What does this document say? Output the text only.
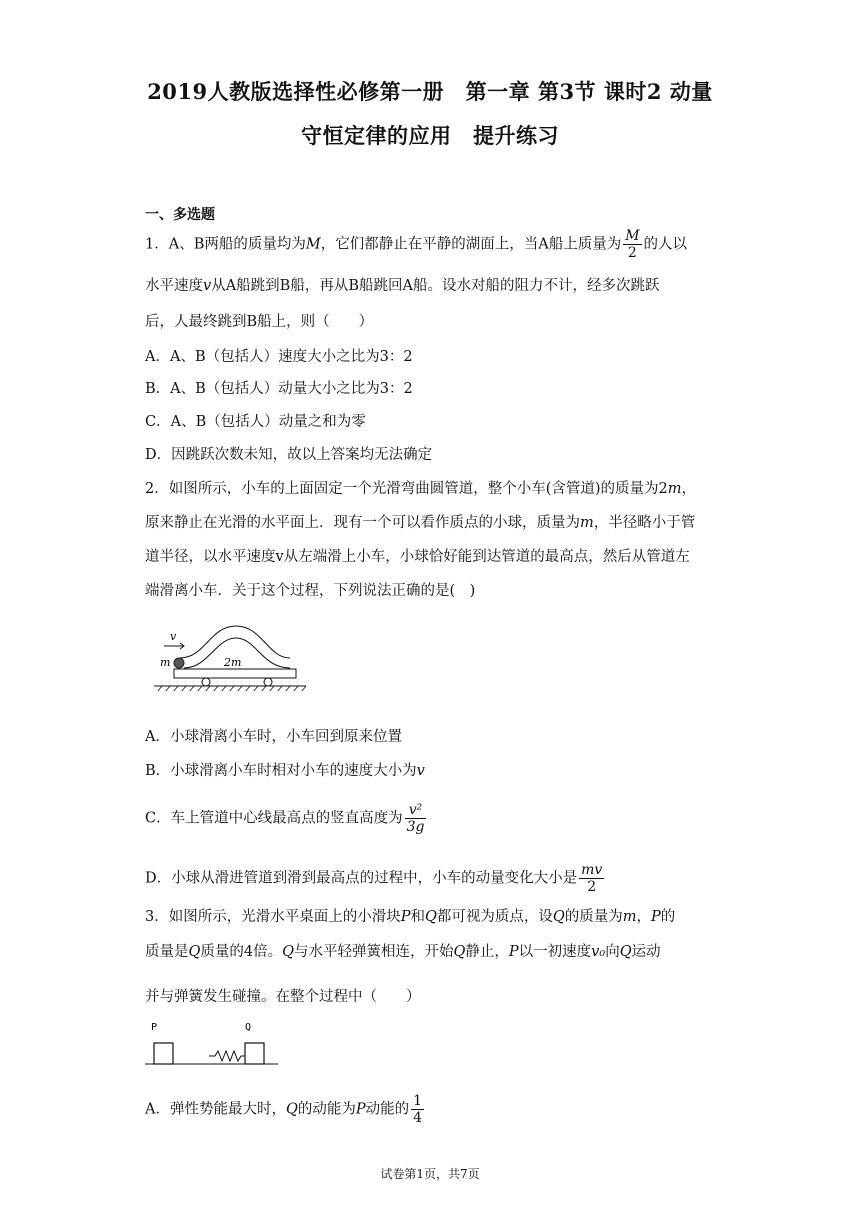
2019人教版选择性必修第一册　第一章 第3节 课时2 动量
守恒定律的应用　提升练习
一、多选题
1．A、B两船的质量均为M，它们都静止在平静的湖面上，当A船上质量为 $\frac{M}{2}$ 的人以
水平速度v从A船跳到B船，再从B船跳回A船。设水对船的阻力不计，经多次跳跃
后，人最终跳到B船上，则（　　）
A．A、B（包括人）速度大小之比为3：2
B．A、B（包括人）动量大小之比为3：2
C．A、B（包括人）动量之和为零
D．因跳跃次数未知，故以上答案均无法确定
2．如图所示，小车的上面固定一个光滑弯曲圆管道，整个小车(含管道)的质量为2m，
原来静止在光滑的水平面上．现有一个可以看作质点的小球，质量为m，半径略小于管
道半径，以水平速度v从左端滑上小车，小球恰好能到达管道的最高点，然后从管道左
端滑离小车．关于这个过程，下列说法正确的是(　)
v
m	2m
A．小球滑离小车时，小车回到原来位置
B．小球滑离小车时相对小车的速度大小为v
C．车上管道中心线最高点的竖直高度为 $\frac{\text{v²}}{3g}$
D．小球从滑进管道到滑到最高点的过程中，小车的动量变化大小是 $\frac{mv}{2}$
3．如图所示，光滑水平桌面上的小滑块P和Q都可视为质点，设Q的质量为m，P的
质量是Q质量的4倍。Q与水平轻弹簧相连，开始Q静止，P以一初速度v₀向Q运动
并与弹簧发生碰撞。在整个过程中（　　）
P	Q
A．弹性势能最大时，Q的动能为P动能的 $\frac{1}{4}$
试卷第1页，共7页
